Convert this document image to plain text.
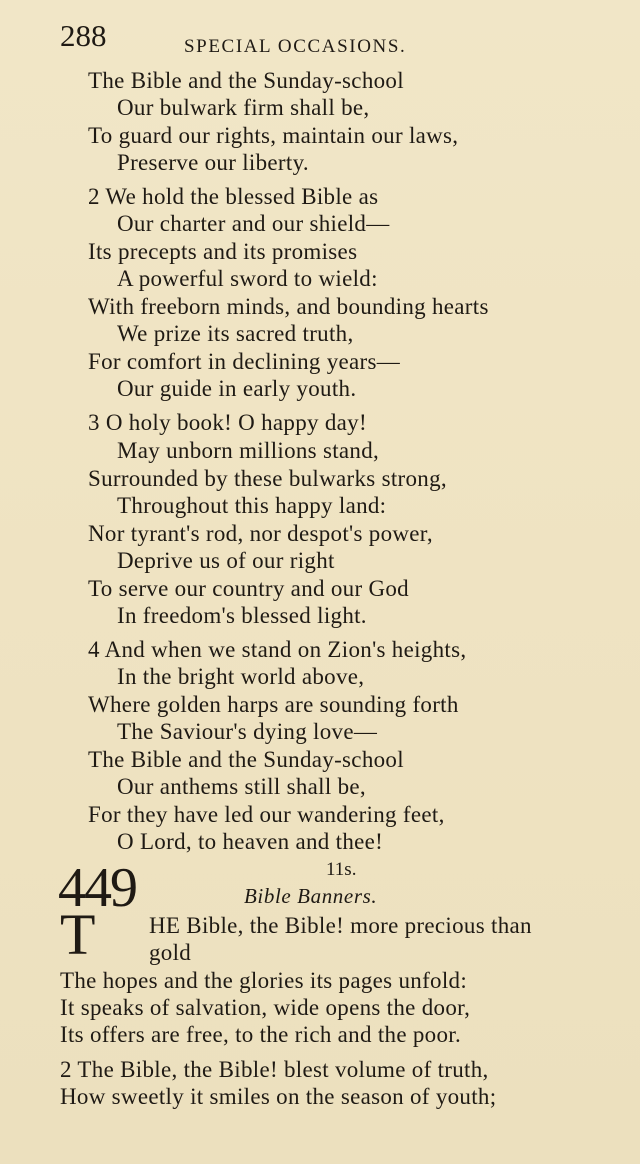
288	SPECIAL OCCASIONS.
The Bible and the Sunday-school
Our bulwark firm shall be,
To guard our rights, maintain our laws,
Preserve our liberty.
2 We hold the blessed Bible as
Our charter and our shield—
Its precepts and its promises
A powerful sword to wield:
With freeborn minds, and bounding hearts
We prize its sacred truth,
For comfort in declining years—
Our guide in early youth.
3 O holy book! O happy day!
May unborn millions stand,
Surrounded by these bulwarks strong,
Throughout this happy land:
Nor tyrant's rod, nor despot's power,
Deprive us of our right
To serve our country and our God
In freedom's blessed light.
4 And when we stand on Zion's heights,
In the bright world above,
Where golden harps are sounding forth
The Saviour's dying love—
The Bible and the Sunday-school
Our anthems still shall be,
For they have led our wandering feet,
O Lord, to heaven and thee!
449	11s.
Bible Banners.
T HE Bible, the Bible! more precious than
gold
The hopes and the glories its pages unfold:
It speaks of salvation, wide opens the door,
Its offers are free, to the rich and the poor.
2 The Bible, the Bible! blest volume of truth,
How sweetly it smiles on the season of youth;
